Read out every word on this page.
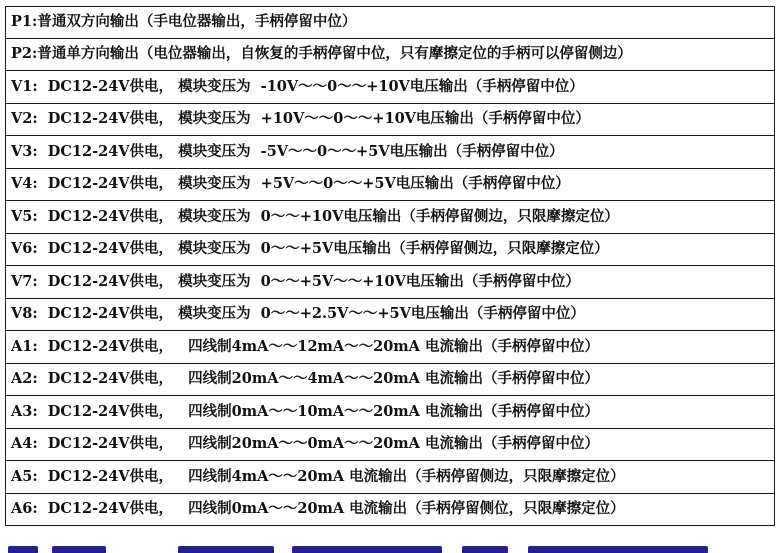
P1:普通双方向输出（手电位器输出，手柄停留中位）
P2:普通单方向输出（电位器输出，自恢复的手柄停留中位，只有摩擦定位的手柄可以停留侧边）
V1:  DC12-24V供电， 模块变压为  -10V～～0～～+10V电压输出（手柄停留中位）
V2:  DC12-24V供电， 模块变压为  +10V～～0～～+10V电压输出（手柄停留中位）
V3:  DC12-24V供电， 模块变压为  -5V～～0～～+5V电压输出（手柄停留中位）
V4:  DC12-24V供电， 模块变压为  +5V～～0～～+5V电压输出（手柄停留中位）
V5:  DC12-24V供电， 模块变压为  0～～+10V电压输出（手柄停留侧边，只限摩擦定位）
V6:  DC12-24V供电， 模块变压为  0～～+5V电压输出（手柄停留侧边，只限摩擦定位）
V7:  DC12-24V供电， 模块变压为  0～～+5V～～+10V电压输出（手柄停留中位）
V8:  DC12-24V供电， 模块变压为  0～～+2.5V～～+5V电压输出（手柄停留中位）
A1:  DC12-24V供电，   四线制4mA～～12mA～～20mA 电流输出（手柄停留中位）
A2:  DC12-24V供电，   四线制20mA～～4mA～～20mA 电流输出（手柄停留中位）
A3:  DC12-24V供电，   四线制0mA～～10mA～～20mA 电流输出（手柄停留中位）
A4:  DC12-24V供电，   四线制20mA～～0mA～～20mA 电流输出（手柄停留中位）
A5:  DC12-24V供电，   四线制4mA～～20mA 电流输出（手柄停留侧边，只限摩擦定位）
A6:  DC12-24V供电，   四线制0mA～～20mA 电流输出（手柄停留侧位，只限摩擦定位）
